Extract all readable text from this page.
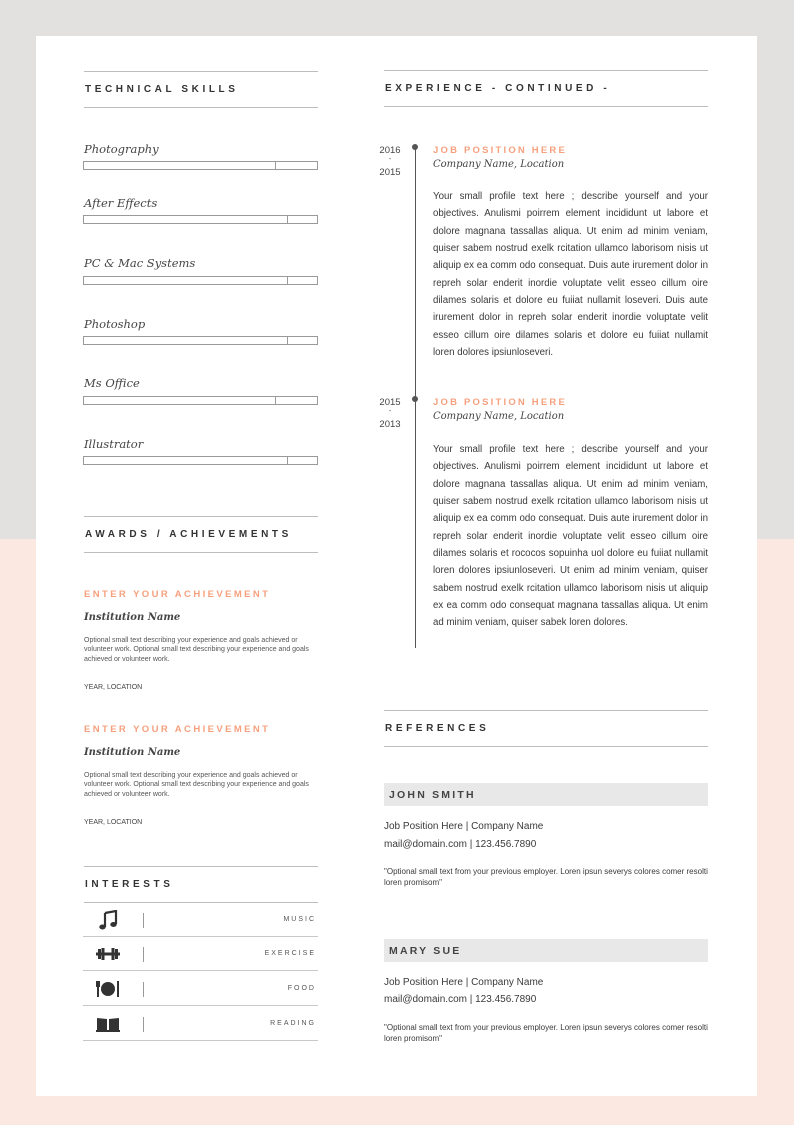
TECHNICAL SKILLS
Photography
After Effects
PC & Mac Systems
Photoshop
Ms Office
Illustrator
AWARDS / ACHIEVEMENTS
ENTER YOUR ACHIEVEMENT
Institution Name
Optional small text describing your experience and goals achieved or volunteer work. Optional small text describing your experience and goals achieved or volunteer work.
YEAR, LOCATION
ENTER YOUR ACHIEVEMENT
Institution Name
Optional small text describing your experience and goals achieved or volunteer work. Optional small text describing your experience and goals achieved or volunteer work.
YEAR, LOCATION
INTERESTS
MUSIC
EXERCISE
FOOD
READING
EXPERIENCE - CONTINUED -
2016
-
2015
JOB POSITION HERE
Company Name, Location
Your small profile text here ; describe yourself and your objectives. Anulismi poirrem element incididunt ut labore et dolore magnana tassallas aliqua. Ut enim ad minim veniam, quiser sabem nostrud exelk rcitation ullamco laborisom nisis ut aliquip ex ea comm odo consequat. Duis aute irurement dolor in repreh solar enderit inordie voluptate velit esseo cillum oire dilames solaris et dolore eu fuiiat nullamit loseveri. Duis aute irurement dolor in repreh solar enderit inordie voluptate velit esseo cillum oire dilames solaris et dolore eu fuiiat nullamit loren dolores ipsiunloseveri.
2015
-
2013
JOB POSITION HERE
Company Name, Location
Your small profile text here ; describe yourself and your objectives. Anulismi poirrem element incididunt ut labore et dolore magnana tassallas aliqua. Ut enim ad minim veniam, quiser sabem nostrud exelk rcitation ullamco laborisom nisis ut aliquip ex ea comm odo consequat. Duis aute irurement dolor in repreh solar enderit inordie voluptate velit esseo cillum oire dilames solaris et rococos sopuinha uol dolore eu fuiiat nullamit loren dolores ipsiunloseveri. Ut enim ad minim veniam, quiser sabem nostrud exelk rcitation ullamco laborisom nisis ut aliquip ex ea comm odo consequat magnana tassallas aliqua. Ut enim ad minim veniam, quiser sabek loren dolores.
REFERENCES
JOHN SMITH
Job Position Here | Company Name
mail@domain.com | 123.456.7890
"Optional small text from your previous employer. Loren ipsun severys colores comer resolti loren promisom"
MARY SUE
Job Position Here | Company Name
mail@domain.com | 123.456.7890
"Optional small text from your previous employer. Loren ipsun severys colores comer resolti loren promisom"
